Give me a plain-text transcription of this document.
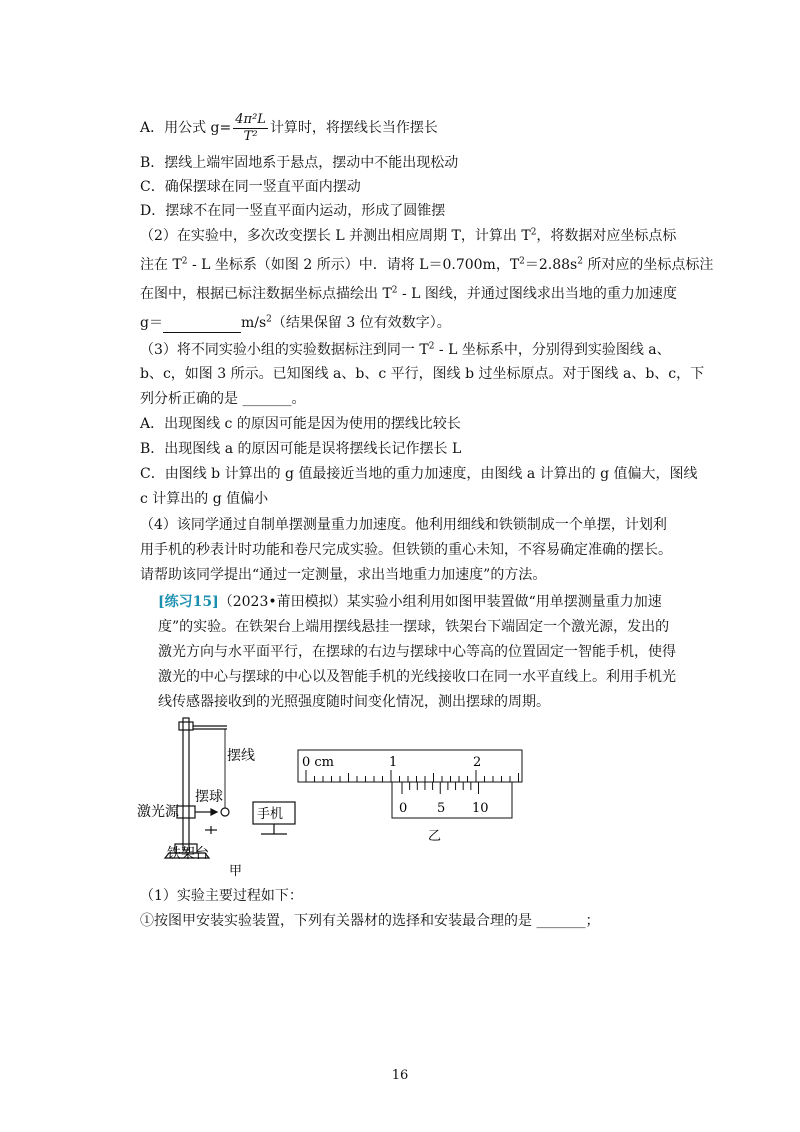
A．用公式 $g= \frac{\text{4π²L}}{\text{T²}}$ 计算时，将摆线长当作摆长
B．摆线上端牢固地系于悬点，摆动中不能出现松动
C．确保摆球在同一竖直平面内摆动
D．摆球不在同一竖直平面内运动，形成了圆锥摆
（2）在实验中，多次改变摆长 L 并测出相应周期 T，计算出 $T^2$，将数据对应坐标点标
注在 $T^2$ - L 坐标系（如图 2 所示）中．请将 L＝0.700m，$T^2=2.88s^2$ 所对应的坐标点标注
在图中，根据已标注数据坐标点描绘出 $T^2$ - L 图线，并通过图线求出当地的重力加速度
g＝	$m/s^2$（结果保留 3 位有效数字）。
（3）将不同实验小组的实验数据标注到同一 $T^2$ - L 坐标系中，分别得到实验图线 a、
b、c，如图 3 所示。已知图线 a、b、c 平行，图线 b 过坐标原点。对于图线 a、b、c，下
列分析正确的是 _______。
A．出现图线 c 的原因可能是因为使用的摆线比较长
B．出现图线 a 的原因可能是误将摆线长记作摆长 L
C．由图线 b 计算出的 g 值最接近当地的重力加速度，由图线 a 计算出的 g 值偏大，图线
c 计算出的 g 值偏小
（4）该同学通过自制单摆测量重力加速度。他利用细线和铁锁制成一个单摆，计划利
用手机的秒表计时功能和卷尺完成实验。但铁锁的重心未知，不容易确定准确的摆长。
请帮助该同学提出“通过一定测量，求出当地重力加速度”的方法。
[练习15]（2023•莆田模拟）某实验小组利用如图甲装置做“用单摆测量重力加速
度”的实验。在铁架台上端用摆线悬挂一摆球，铁架台下端固定一个激光源，发出的
激光方向与水平面平行，在摆球的右边与摆球中心等高的位置固定一智能手机，使得
激光的中心与摆球的中心以及智能手机的光线接收口在同一水平直线上。利用手机光
线传感器接收到的光照强度随时间变化情况，测出摆球的周期。
摆线
摆球
激光源	手机
铁架台
甲
0 cm	1	2
0 5 10
乙
（1）实验主要过程如下：
①按图甲安装实验装置，下列有关器材的选择和安装最合理的是 _______；
16
